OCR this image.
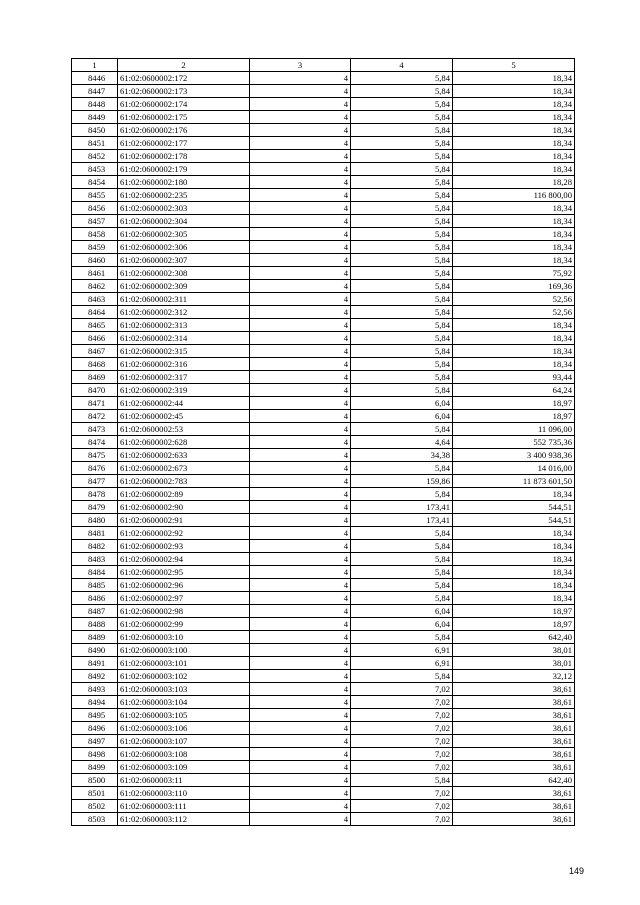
1	2	3	4	5
8446	61:02:0600002:172	4	5,84	18,34
8447	61:02:0600002:173	4	5,84	18,34
8448	61:02:0600002:174	4	5,84	18,34
8449	61:02:0600002:175	4	5,84	18,34
8450	61:02:0600002:176	4	5,84	18,34
8451	61:02:0600002:177	4	5,84	18,34
8452	61:02:0600002:178	4	5,84	18,34
8453	61:02:0600002:179	4	5,84	18,34
8454	61:02:0600002:180	4	5,84	18,28
8455	61:02:0600002:235	4	5,84	116 800,00
8456	61:02:0600002:303	4	5,84	18,34
8457	61:02:0600002:304	4	5,84	18,34
8458	61:02:0600002:305	4	5,84	18,34
8459	61:02:0600002:306	4	5,84	18,34
8460	61:02:0600002:307	4	5,84	18,34
8461	61:02:0600002:308	4	5,84	75,92
8462	61:02:0600002:309	4	5,84	169,36
8463	61:02:0600002:311	4	5,84	52,56
8464	61:02:0600002:312	4	5,84	52,56
8465	61:02:0600002:313	4	5,84	18,34
8466	61:02:0600002:314	4	5,84	18,34
8467	61:02:0600002:315	4	5,84	18,34
8468	61:02:0600002:316	4	5,84	18,34
8469	61:02:0600002:317	4	5,84	93,44
8470	61:02:0600002:319	4	5,84	64,24
8471	61:02:0600002:44	4	6,04	18,97
8472	61:02:0600002:45	4	6,04	18,97
8473	61:02:0600002:53	4	5,84	11 096,00
8474	61:02:0600002:628	4	4,64	552 735,36
8475	61:02:0600002:633	4	34,38	3 400 938,36
8476	61:02:0600002:673	4	5,84	14 016,00
8477	61:02:0600002:783	4	159,86	11 873 601,50
8478	61:02:0600002:89	4	5,84	18,34
8479	61:02:0600002:90	4	173,41	544,51
8480	61:02:0600002:91	4	173,41	544,51
8481	61:02:0600002:92	4	5,84	18,34
8482	61:02:0600002:93	4	5,84	18,34
8483	61:02:0600002:94	4	5,84	18,34
8484	61:02:0600002:95	4	5,84	18,34
8485	61:02:0600002:96	4	5,84	18,34
8486	61:02:0600002:97	4	5,84	18,34
8487	61:02:0600002:98	4	6,04	18,97
8488	61:02:0600002:99	4	6,04	18,97
8489	61:02:0600003:10	4	5,84	642,40
8490	61:02:0600003:100	4	6,91	38,01
8491	61:02:0600003:101	4	6,91	38,01
8492	61:02:0600003:102	4	5,84	32,12
8493	61:02:0600003:103	4	7,02	38,61
8494	61:02:0600003:104	4	7,02	38,61
8495	61:02:0600003:105	4	7,02	38,61
8496	61:02:0600003:106	4	7,02	38,61
8497	61:02:0600003:107	4	7,02	38,61
8498	61:02:0600003:108	4	7,02	38,61
8499	61:02:0600003:109	4	7,02	38,61
8500	61:02:0600003:11	4	5,84	642,40
8501	61:02:0600003:110	4	7,02	38,61
8502	61:02:0600003:111	4	7,02	38,61
8503	61:02:0600003:112	4	7,02	38,61
149
